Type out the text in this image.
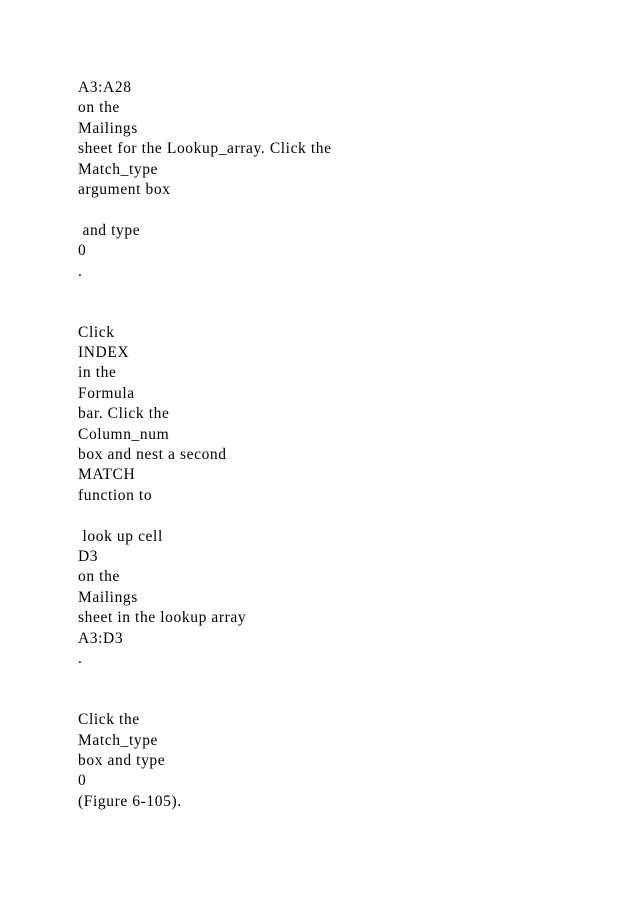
A3:A28
on the
Mailings
sheet for the Lookup_array. Click the
Match_type
argument box
and type
0
.
Click
INDEX
in the
Formula
bar. Click the
Column_num
box and nest a second
MATCH
function to
look up cell
D3
on the
Mailings
sheet in the lookup array
A3:D3
.
Click the
Match_type
box and type
0
(Figure 6-105).
